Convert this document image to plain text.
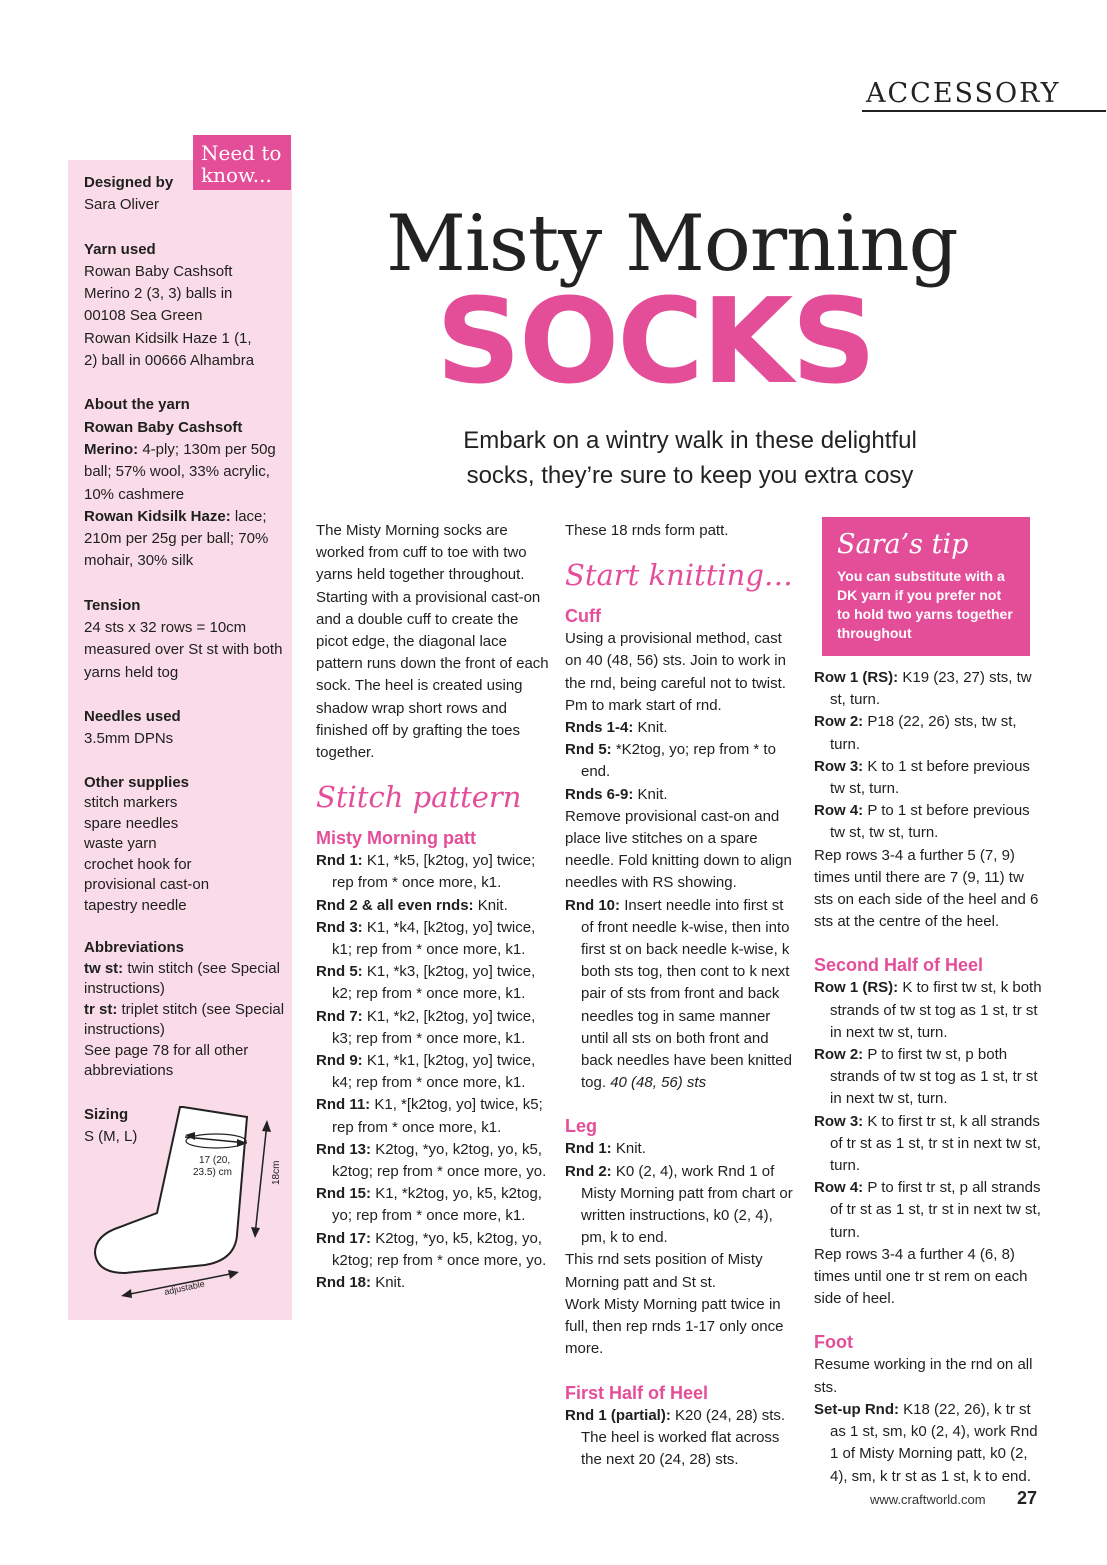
ACCESSORY
Need to
know...

Designed by

Sara Oliver

Yarn used

Rowan Baby Cashsoft

Merino 2 (3, 3) balls in

00108 Sea Green

Rowan Kidsilk Haze 1 (1,

2) ball in 00666 Alhambra

About the yarn

Rowan Baby Cashsoft

Merino: 4-ply; 130m per 50g ball; 57% wool, 33% acrylic, 10% cashmere

Rowan Kidsilk Haze: lace; 210m per 25g per ball; 70% mohair, 30% silk

Tension

24 sts x 32 rows = 10cm measured over St st with both yarns held tog

Needles used

3.5mm DPNs

Other supplies

stitch markers

spare needles

waste yarn

crochet hook for

provisional cast-on

tapestry needle

Abbreviations

tw st: twin stitch (see Special instructions)

tr st: triplet stitch (see Special instructions)

See page 78 for all other abbreviations

Sizing

S (M, L)

17 (20,
23.5) cm	18cm
adjustable
Misty Morning
SOCKS
Embark on a wintry walk in these delightful
socks, they’re sure to keep you extra cosy

The Misty Morning socks are worked from cuff to toe with two yarns held together throughout. Starting with a provisional cast-on and a double cuff to create the picot edge, the diagonal lace pattern runs down the front of each sock. The heel is created using shadow wrap short rows and finished off by grafting the toes together.

Stitch pattern

Misty Morning patt

Rnd 1: K1, *k5, [k2tog, yo] twice; rep from * once more, k1.

Rnd 2 & all even rnds: Knit.

Rnd 3: K1, *k4, [k2tog, yo] twice, k1; rep from * once more, k1.

Rnd 5: K1, *k3, [k2tog, yo] twice, k2; rep from * once more, k1.

Rnd 7: K1, *k2, [k2tog, yo] twice, k3; rep from * once more, k1.

Rnd 9: K1, *k1, [k2tog, yo] twice, k4; rep from * once more, k1.

Rnd 11: K1, *[k2tog, yo] twice, k5; rep from * once more, k1.

Rnd 13: K2tog, *yo, k2tog, yo, k5, k2tog; rep from * once more, yo.

Rnd 15: K1, *k2tog, yo, k5, k2tog, yo; rep from * once more, k1.

Rnd 17: K2tog, *yo, k5, k2tog, yo, k2tog; rep from * once more, yo.

Rnd 18: Knit.

These 18 rnds form patt.

Start knitting…

Cuff

Using a provisional method, cast on 40 (48, 56) sts. Join to work in the rnd, being careful not to twist. Pm to mark start of rnd.

Rnds 1-4: Knit.

Rnd 5: *K2tog, yo; rep from * to end.

Rnds 6-9: Knit.

Remove provisional cast-on and place live stitches on a spare needle. Fold knitting down to align needles with RS showing.

Rnd 10: Insert needle into first st of front needle k-wise, then into first st on back needle k-wise, k both sts tog, then cont to k next pair of sts from front and back needles tog in same manner until all sts on both front and back needles have been knitted tog. 40 (48, 56) sts

Leg

Rnd 1: Knit.

Rnd 2: K0 (2, 4), work Rnd 1 of Misty Morning patt from chart or written instructions, k0 (2, 4), pm, k to end.

This rnd sets position of Misty Morning patt and St st.

Work Misty Morning patt twice in full, then rep rnds 1-17 only once more.

First Half of Heel

Rnd 1 (partial): K20 (24, 28) sts. The heel is worked flat across the next 20 (24, 28) sts.

Sara’s tip
You can substitute with a DK yarn if you prefer not to hold two yarns together throughout

Row 1 (RS): K19 (23, 27) sts, tw st, turn.

Row 2: P18 (22, 26) sts, tw st, turn.

Row 3: K to 1 st before previous tw st, turn.

Row 4: P to 1 st before previous tw st, tw st, turn.

Rep rows 3-4 a further 5 (7, 9) times until there are 7 (9, 11) tw sts on each side of the heel and 6 sts at the centre of the heel.

Second Half of Heel

Row 1 (RS): K to first tw st, k both strands of tw st tog as 1 st, tr st in next tw st, turn.

Row 2: P to first tw st, p both strands of tw st tog as 1 st, tr st in next tw st, turn.

Row 3: K to first tr st, k all strands of tr st as 1 st, tr st in next tw st, turn.

Row 4: P to first tr st, p all strands of tr st as 1 st, tr st in next tw st, turn.

Rep rows 3-4 a further 4 (6, 8) times until one tr st rem on each side of heel.

Foot

Resume working in the rnd on all sts.

Set-up Rnd: K18 (22, 26), k tr st as 1 st, sm, k0 (2, 4), work Rnd 1 of Misty Morning patt, k0 (2, 4), sm, k tr st as 1 st, k to end.

www.craftworld.com 27
